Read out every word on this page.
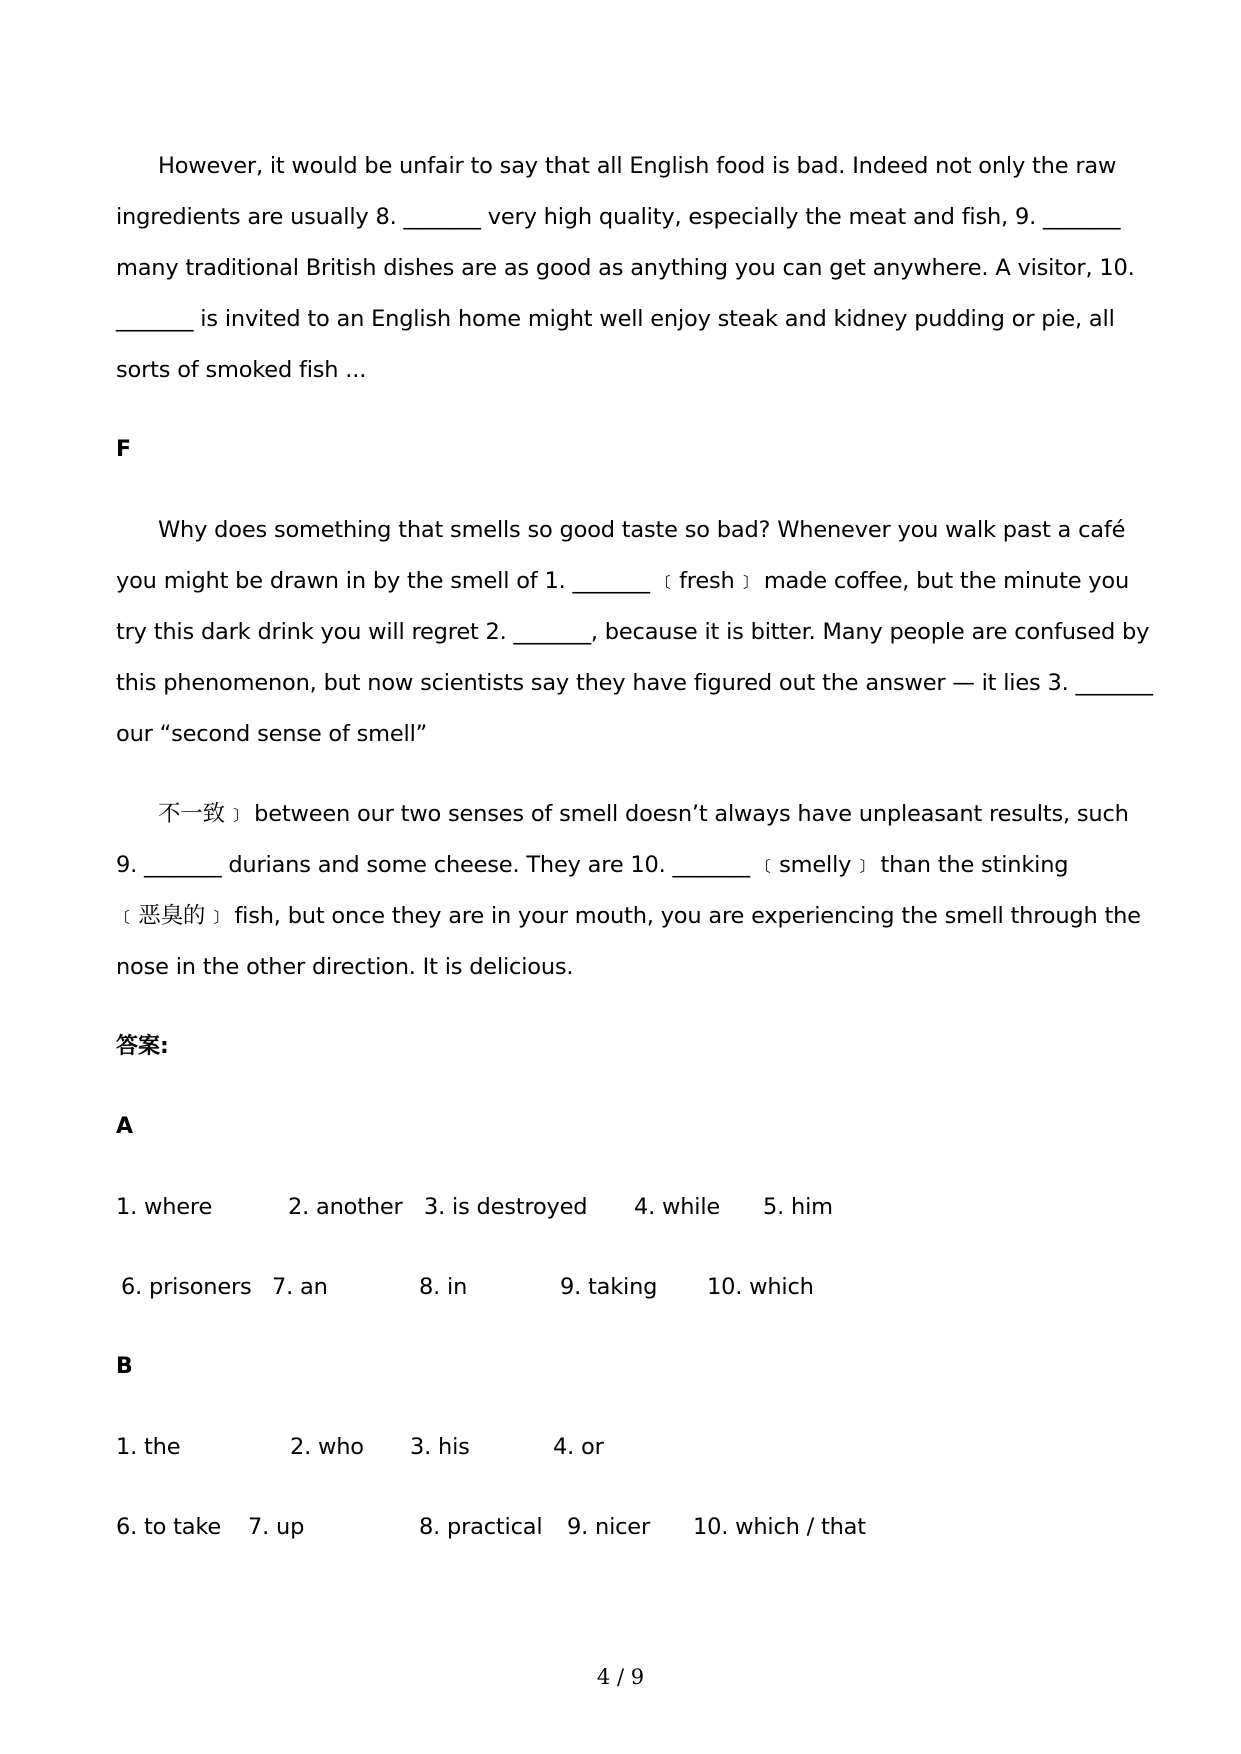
However, it would be unfair to say that all English food is bad. Indeed not only the raw
ingredients are usually 8. _______ very high quality, especially the meat and fish, 9. _______
many traditional British dishes are as good as anything you can get anywhere. A visitor, 10.
_______ is invited to an English home might well enjoy steak and kidney pudding or pie, all
sorts of smoked fish ...
F
Why does something that smells so good taste so bad? Whenever you walk past a café
you might be drawn in by the smell of 1. _______ ﹝fresh﹞ made coffee, but the minute you
try this dark drink you will regret 2. _______, because it is bitter. Many people are confused by
this phenomenon, but now scientists say they have figured out the answer — it lies 3. _______
our “second sense of smell”
不一致﹞ between our two senses of smell doesn’t always have unpleasant results, such
9. _______ durians and some cheese. They are 10. _______ ﹝smelly﹞ than the stinking
﹝恶臭的﹞ fish, but once they are in your mouth, you are experiencing the smell through the
nose in the other direction. It is delicious.
答案:
A
1. where	2. another 3. is destroyed 4. while 5. him
6. prisoners 7. an	8. in	9. taking 10. which
B
1. the	2. who 3. his	4. or
6. to take 7. up	8. practical 9. nicer 10. which / that
4 / 9
